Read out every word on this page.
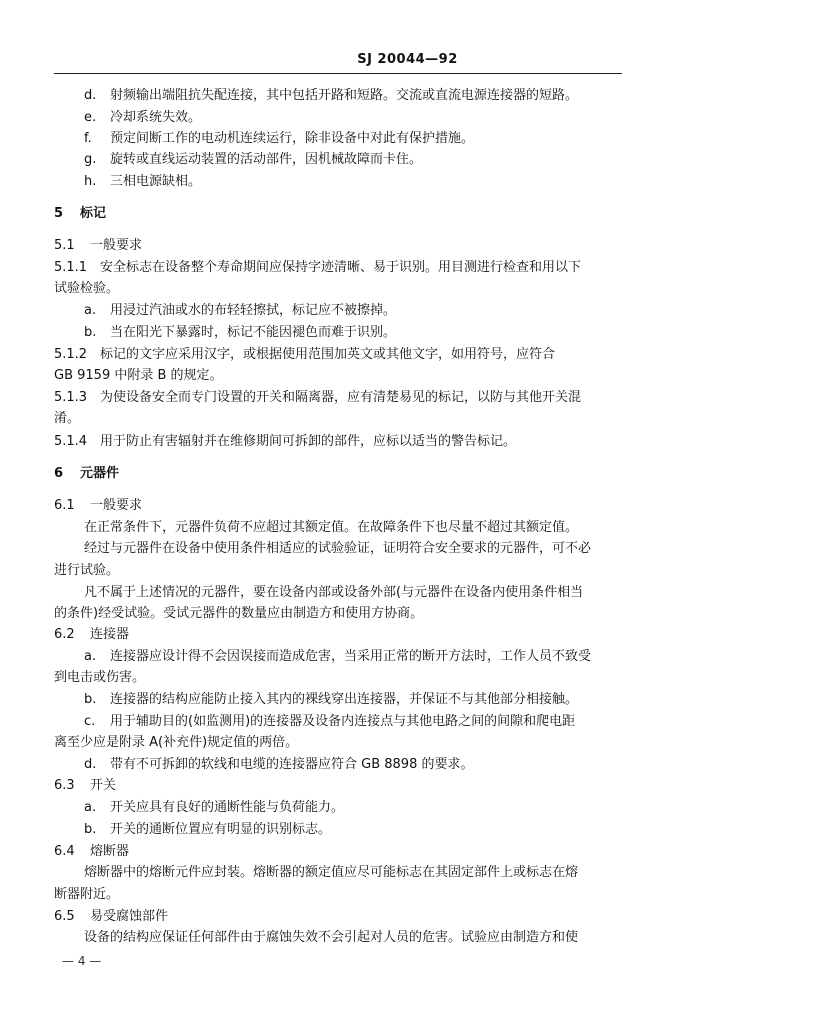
SJ 20044—92
d. 射频输出端阻抗失配连接，其中包括开路和短路。交流或直流电源连接器的短路。
e. 冷却系统失效。
f. 预定间断工作的电动机连续运行，除非设备中对此有保护措施。
g. 旋转或直线运动装置的活动部件，因机械故障而卡住。
h. 三相电源缺相。
5 标记
5.1 一般要求
5.1.1 安全标志在设备整个寿命期间应保持字迹清晰、易于识别。用目测进行检查和用以下
试验检验。
a. 用浸过汽油或水的布轻轻擦拭，标记应不被擦掉。
b. 当在阳光下暴露时，标记不能因褪色而难于识别。
5.1.2 标记的文字应采用汉字，或根据使用范围加英文或其他文字，如用符号，应符合
GB 9159 中附录 B 的规定。
5.1.3 为使设备安全而专门设置的开关和隔离器，应有清楚易见的标记，以防与其他开关混
淆。
5.1.4 用于防止有害辐射并在维修期间可拆卸的部件，应标以适当的警告标记。
6 元器件
6.1 一般要求
在正常条件下，元器件负荷不应超过其额定值。在故障条件下也尽量不超过其额定值。
经过与元器件在设备中使用条件相适应的试验验证，证明符合安全要求的元器件，可不必
进行试验。
凡不属于上述情况的元器件，要在设备内部或设备外部(与元器件在设备内使用条件相当
的条件)经受试验。受试元器件的数量应由制造方和使用方协商。
6.2 连接器
a. 连接器应设计得不会因误接而造成危害，当采用正常的断开方法时，工作人员不致受
到电击或伤害。
b. 连接器的结构应能防止接入其内的裸线穿出连接器，并保证不与其他部分相接触。
c. 用于辅助目的(如监测用)的连接器及设备内连接点与其他电路之间的间隙和爬电距
离至少应是附录 A(补充件)规定值的两倍。
d. 带有不可拆卸的软线和电缆的连接器应符合 GB 8898 的要求。
6.3 开关
a. 开关应具有良好的通断性能与负荷能力。
b. 开关的通断位置应有明显的识别标志。
6.4 熔断器
熔断器中的熔断元件应封装。熔断器的额定值应尽可能标志在其固定部件上或标志在熔
断器附近。
6.5 易受腐蚀部件
设备的结构应保证任何部件由于腐蚀失效不会引起对人员的危害。试验应由制造方和使
— 4 —
